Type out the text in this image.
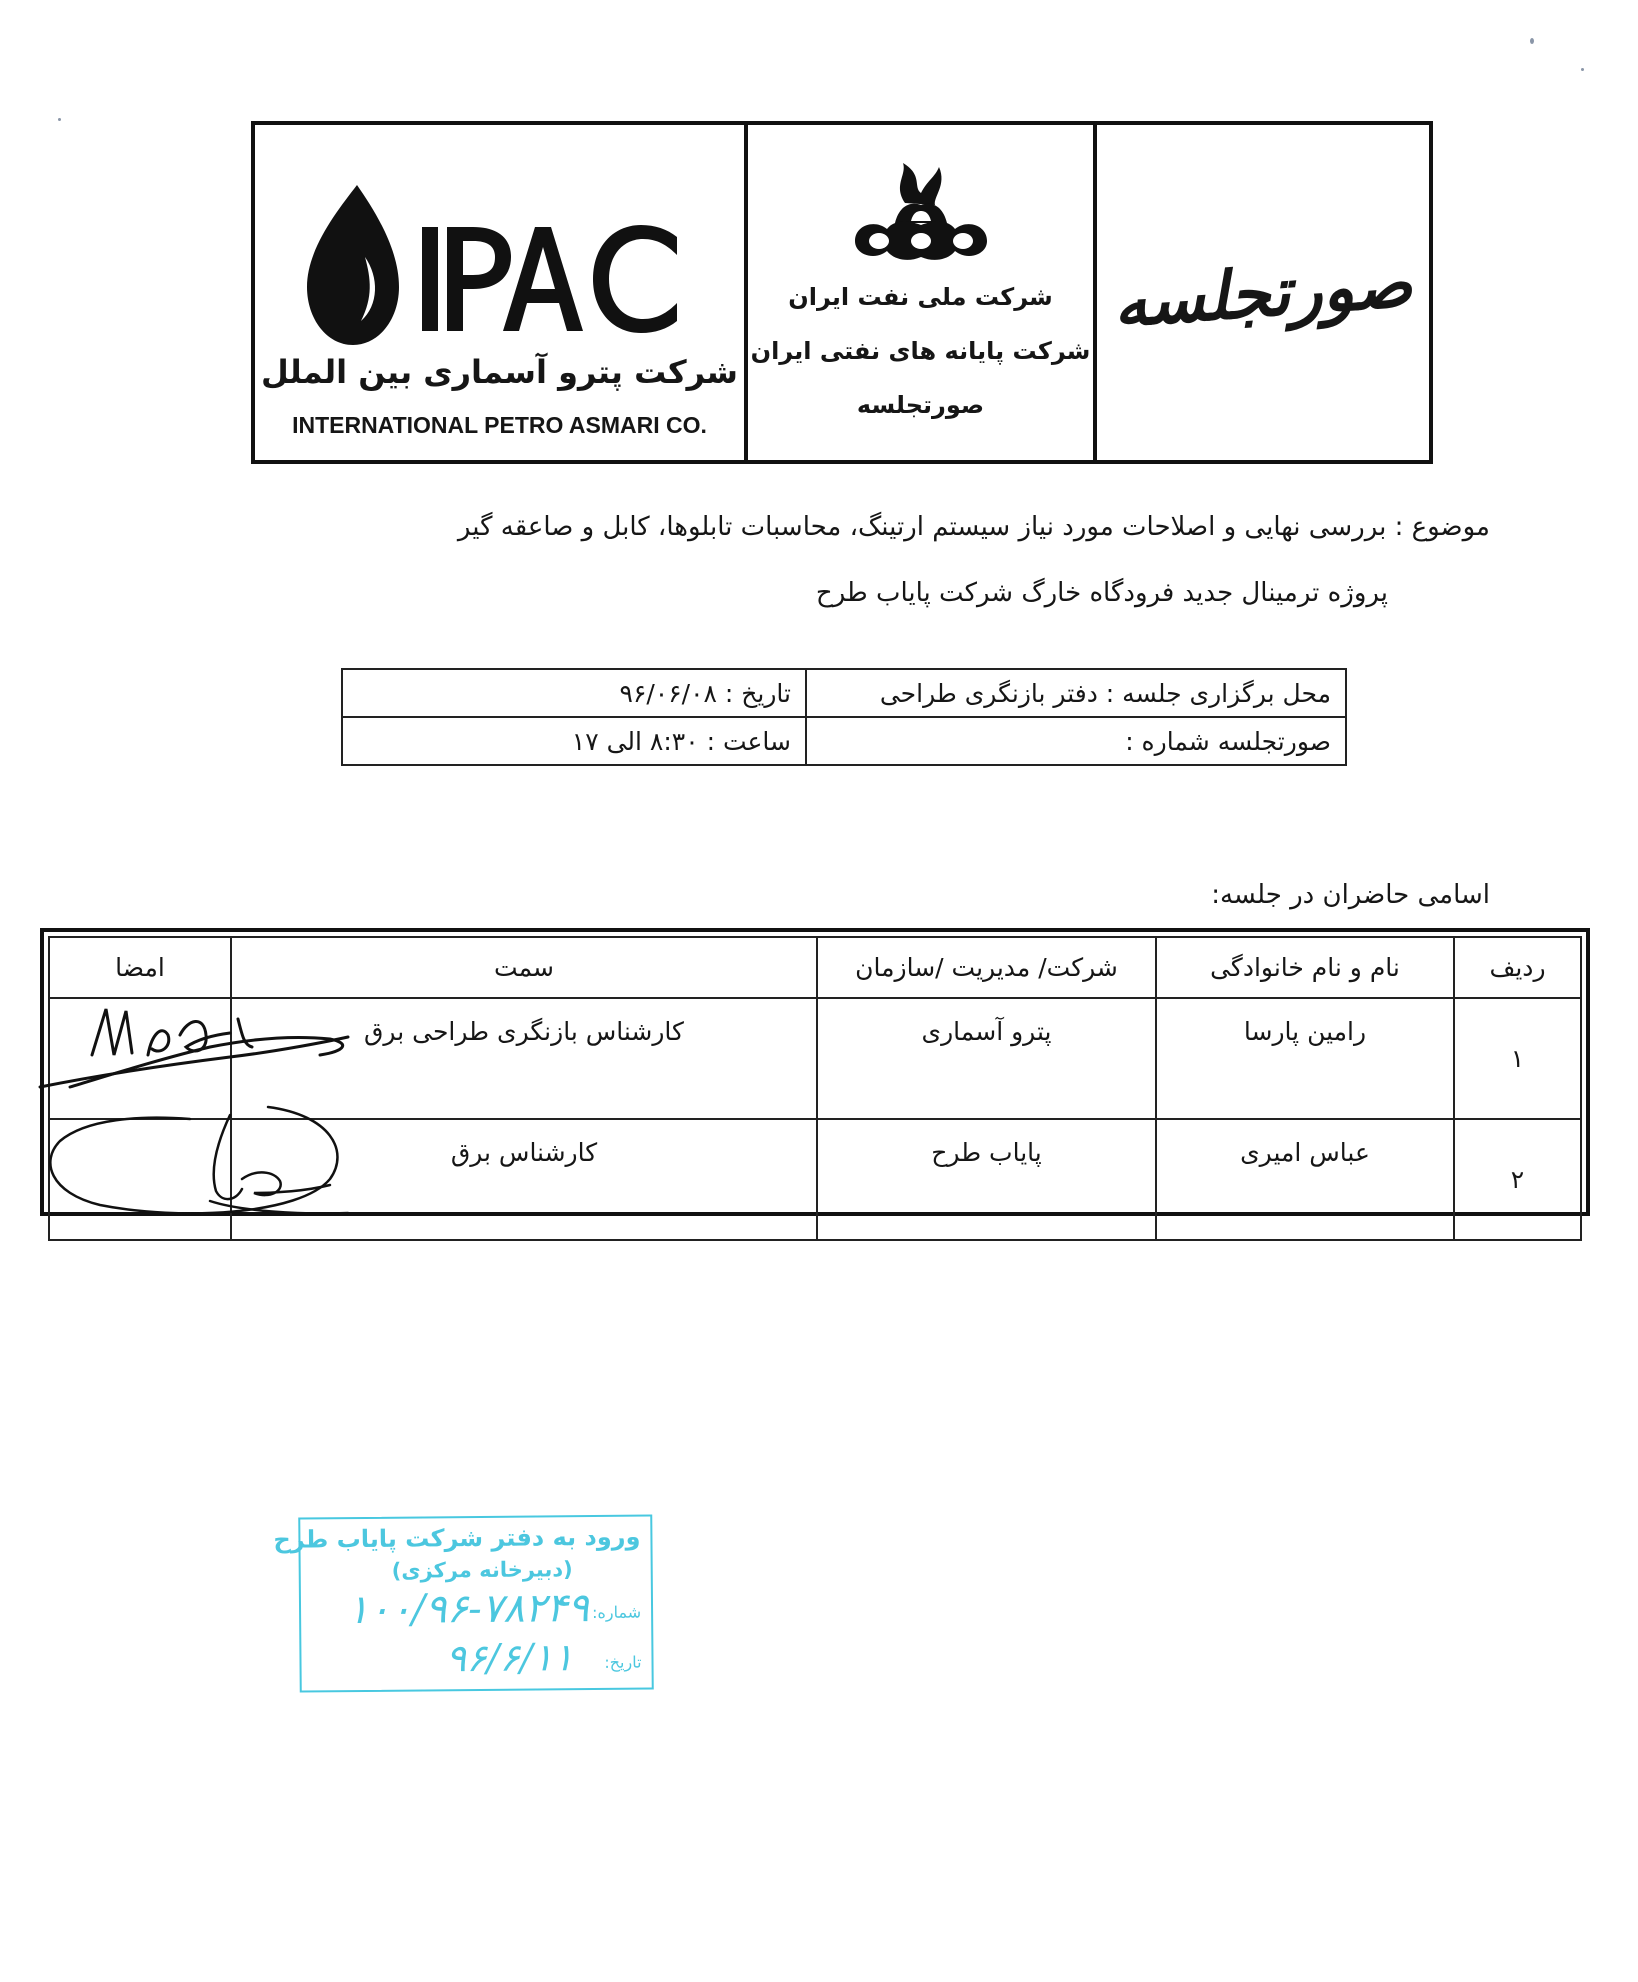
صورتجلسه
شرکت ملی نفت ایران
شرکت پایانه های نفتی ایران
صورتجلسه
شرکت پترو آسماری بین الملل
INTERNATIONAL PETRO ASMARI CO.
موضوع : بررسی نهایی و اصلاحات مورد نیاز سیستم ارتینگ، محاسبات تابلوها، کابل و صاعقه گیر
پروژه ترمینال جدید فرودگاه خارگ شرکت پایاب طرح
محل برگزاری جلسه : دفتر بازنگری طراحی	تاریخ : ۹۶/۰۶/۰۸
صورتجلسه شماره :	ساعت : ۸:۳۰ الی ۱۷
اسامی حاضران در جلسه:
ردیف	نام و نام خانوادگی	شرکت/ مدیریت /سازمان	سمت	امضا
۱	رامین پارسا	پترو آسماری	کارشناس بازنگری طراحی برق	
۲	عباس امیری	پایاب طرح	کارشناس برق	
ورود به دفتر شرکت پایاب طرح
(دبیرخانه مرکزی)
شماره:
۱۰۰/۹۶-۷۸۲۴۹
تاریخ:
۹۶/۶/۱۱
